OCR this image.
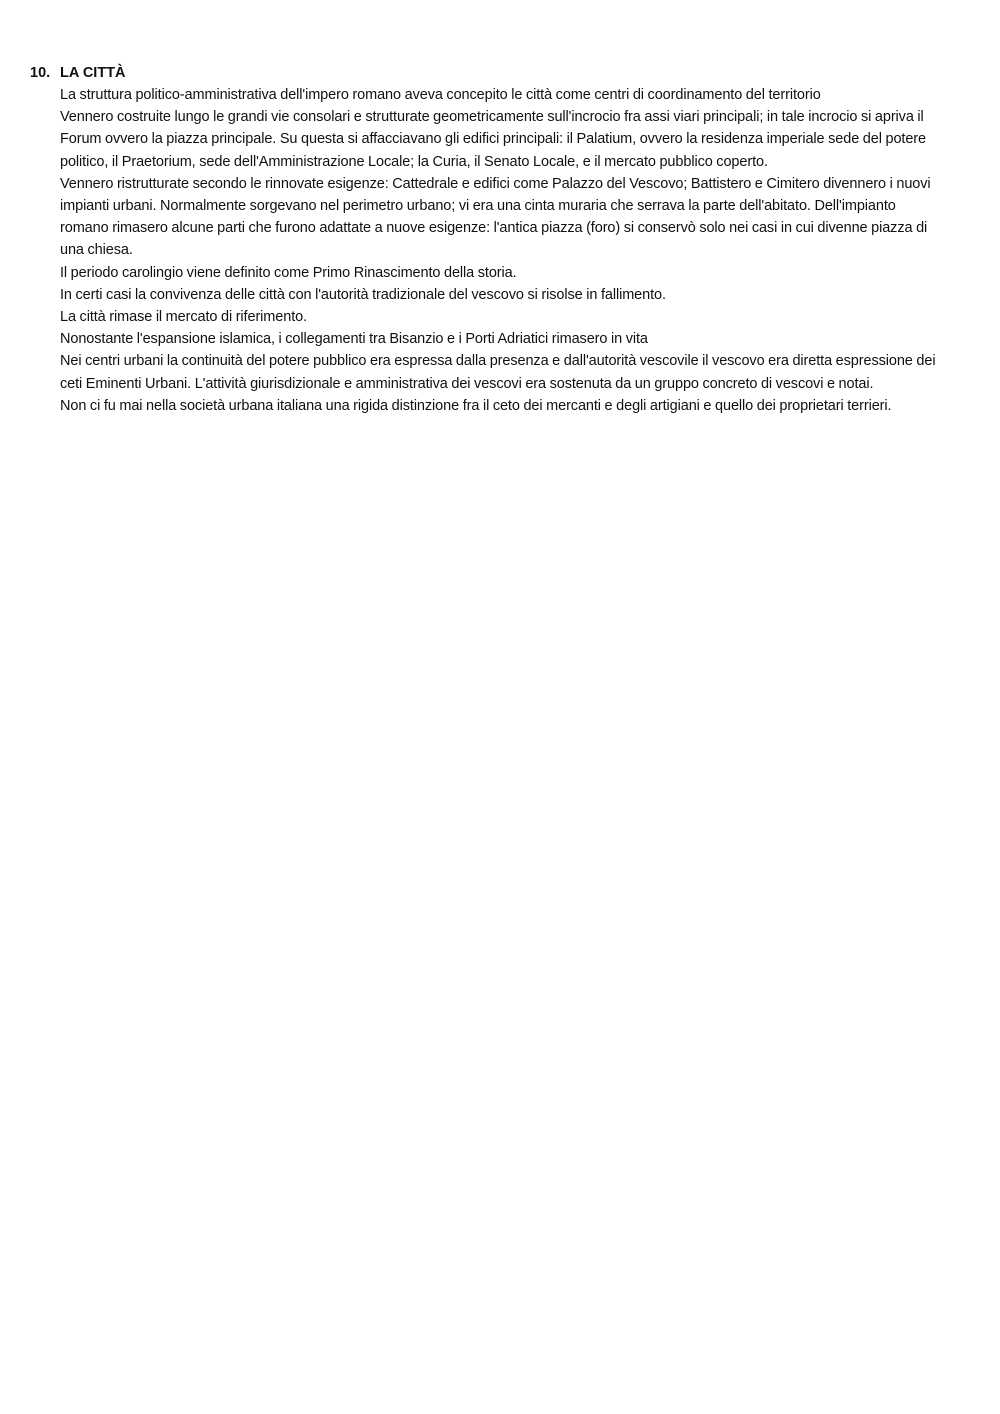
10. LA CITTÀ

La struttura politico-amministrativa dell'impero romano aveva concepito le città come centri di coordinamento del territorio

Vennero costruite lungo le grandi vie consolari e strutturate geometricamente sull'incrocio fra assi viari principali; in tale incrocio si apriva il Forum ovvero la piazza principale. Su questa si affacciavano gli edifici principali: il Palatium, ovvero la residenza imperiale sede del potere politico, il Praetorium, sede dell'Amministrazione Locale; la Curia, il Senato Locale, e il mercato pubblico coperto.

Vennero ristrutturate secondo le rinnovate esigenze: Cattedrale e edifici come Palazzo del Vescovo; Battistero e Cimitero divennero i nuovi impianti urbani. Normalmente sorgevano nel perimetro urbano; vi era una cinta muraria che serrava la parte dell'abitato. Dell'impianto romano rimasero alcune parti che furono adattate a nuove esigenze: l'antica piazza (foro) si conservò solo nei casi in cui divenne piazza di una chiesa.

Il periodo carolingio viene definito come Primo Rinascimento della storia.

In certi casi la convivenza delle città con l'autorità tradizionale del vescovo si risolse in fallimento.

La città rimase il mercato di riferimento.

Nonostante l'espansione islamica, i collegamenti tra Bisanzio e i Porti Adriatici rimasero in vita

Nei centri urbani la continuità del potere pubblico era espressa dalla presenza e dall'autorità vescovile il vescovo era diretta espressione dei ceti Eminenti Urbani. L'attività giurisdizionale e amministrativa dei vescovi era sostenuta da un gruppo concreto di vescovi e notai.

Non ci fu mai nella società urbana italiana una rigida distinzione fra il ceto dei mercanti e degli artigiani e quello dei proprietari terrieri.
